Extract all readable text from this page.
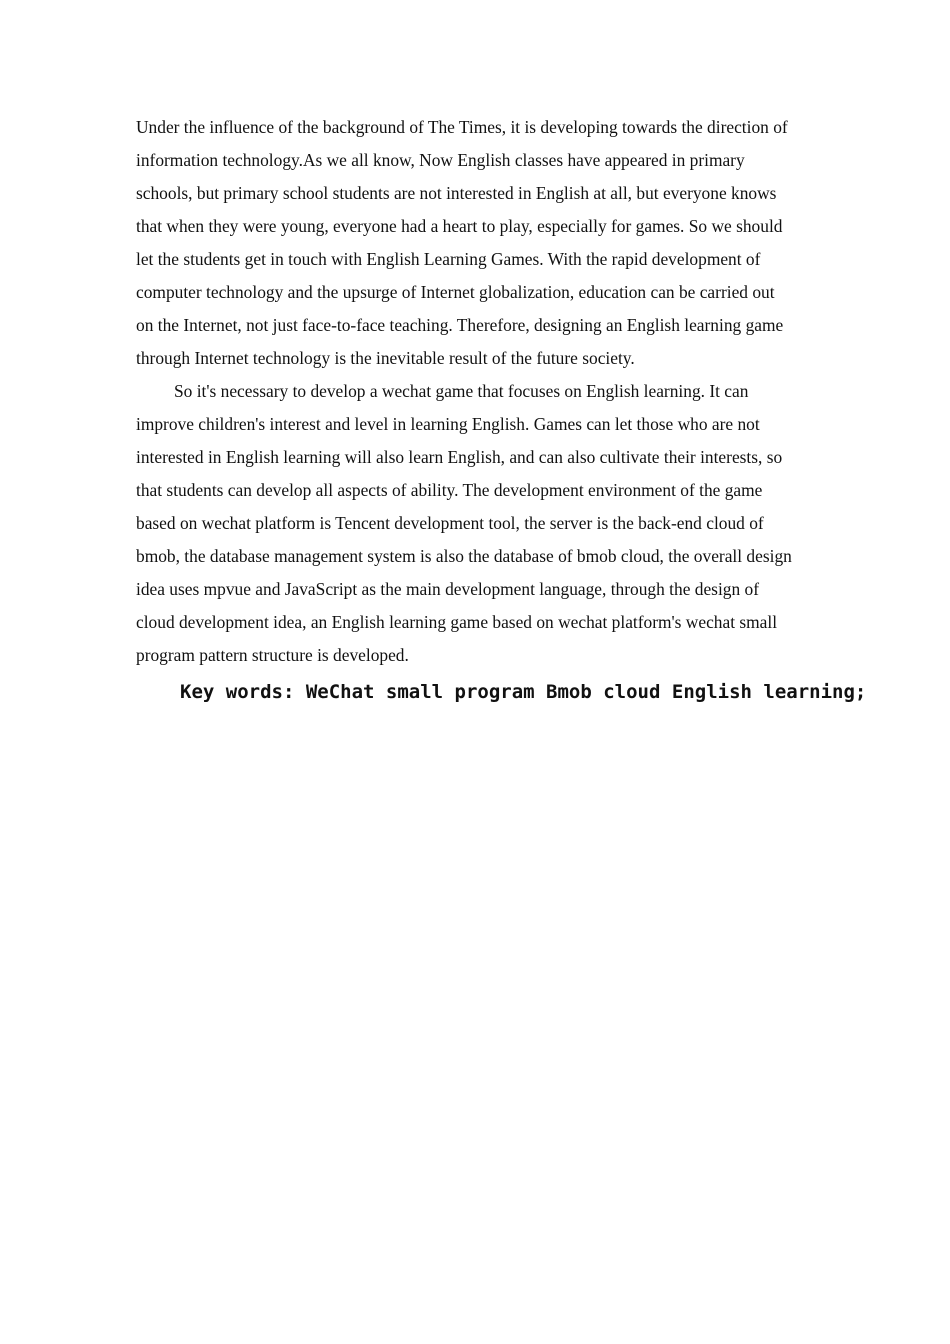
Under the influence of the background of The Times, it is developing towards the direction of
information technology.As we all know, Now English classes have appeared in primary
schools, but primary school students are not interested in English at all, but everyone knows
that when they were young, everyone had a heart to play, especially for games. So we should
let the students get in touch with English Learning Games. With the rapid development of
computer technology and the upsurge of Internet globalization, education can be carried out
on the Internet, not just face-to-face teaching. Therefore, designing an English learning game
through Internet technology is the inevitable result of the future society.
So it's necessary to develop a wechat game that focuses on English learning. It can
improve children's interest and level in learning English. Games can let those who are not
interested in English learning will also learn English, and can also cultivate their interests, so
that students can develop all aspects of ability. The development environment of the game
based on wechat platform is Tencent development tool, the server is the back-end cloud of
bmob, the database management system is also the database of bmob cloud, the overall design
idea uses mpvue and JavaScript as the main development language, through the design of
cloud development idea, an English learning game based on wechat platform's wechat small
program pattern structure is developed.
Key words: WeChat small program Bmob cloud English learning;
